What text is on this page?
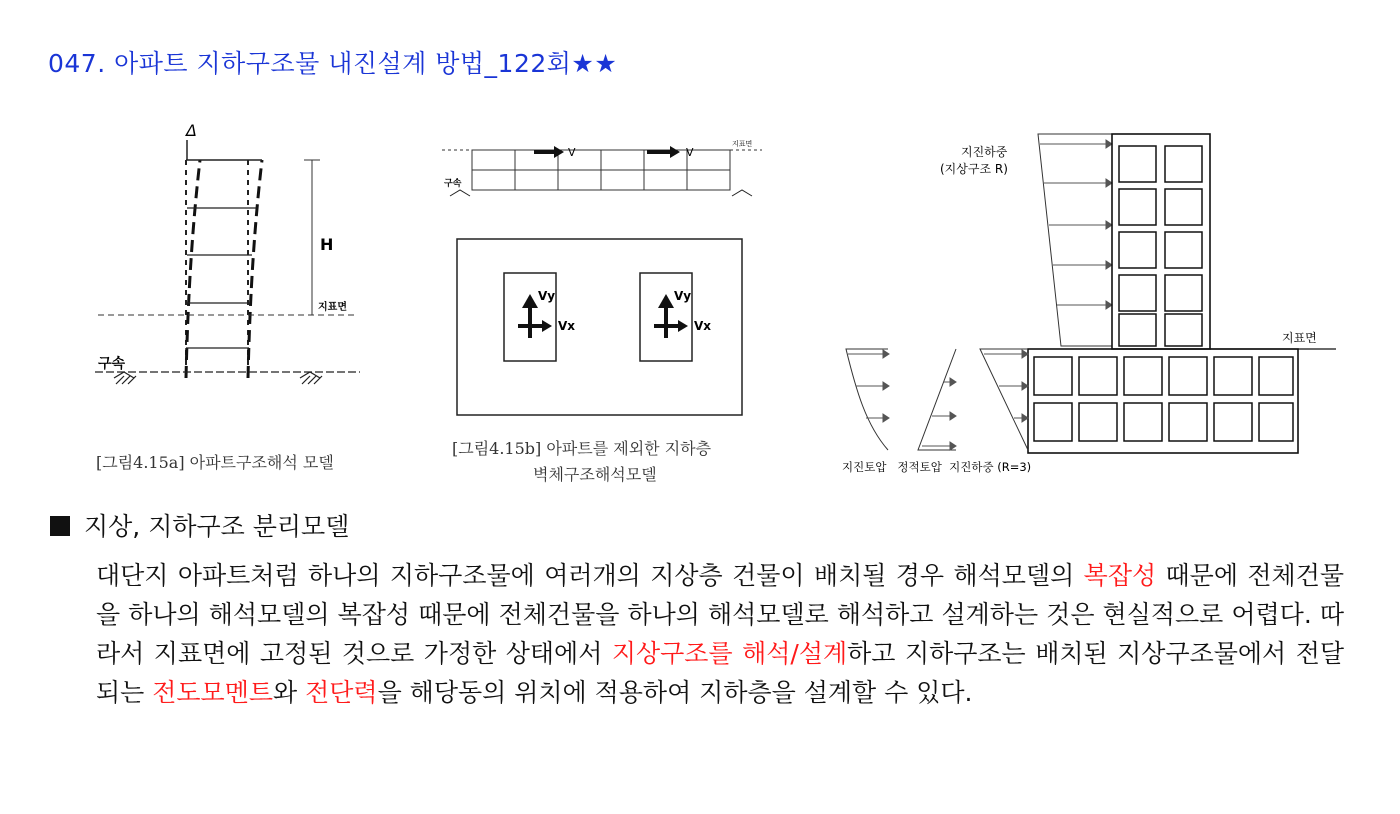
047. 아파트 지하구조물 내진설계 방법_122회★★
Δ
H
지표면
구속
[그림4.15a] 아파트구조해석 모델
V	V
지표면
구속
Vy
Vx
Vy
Vx
[그림4.15b] 아파트를 제외한 지하층
벽체구조해석모델
지진하중
(지상구조 R)
지표면
지진토압   정적토압  지진하중 (R=3)
지상, 지하구조 분리모델
대단지 아파트처럼 하나의 지하구조물에 여러개의 지상층 건물이 배치될 경우 해석모델의 복잡성 때문에 전체건물을 하나의 해석모델의 복잡성 때문에 전체건물을 하나의 해석모델로 해석하고 설계하는 것은 현실적으로 어렵다. 따라서 지표면에 고정된 것으로 가정한 상태에서 지상구조를 해석/설계하고 지하구조는 배치된 지상구조물에서 전달되는 전도모멘트와 전단력을 해당동의 위치에 적용하여 지하층을 설계할 수 있다.
